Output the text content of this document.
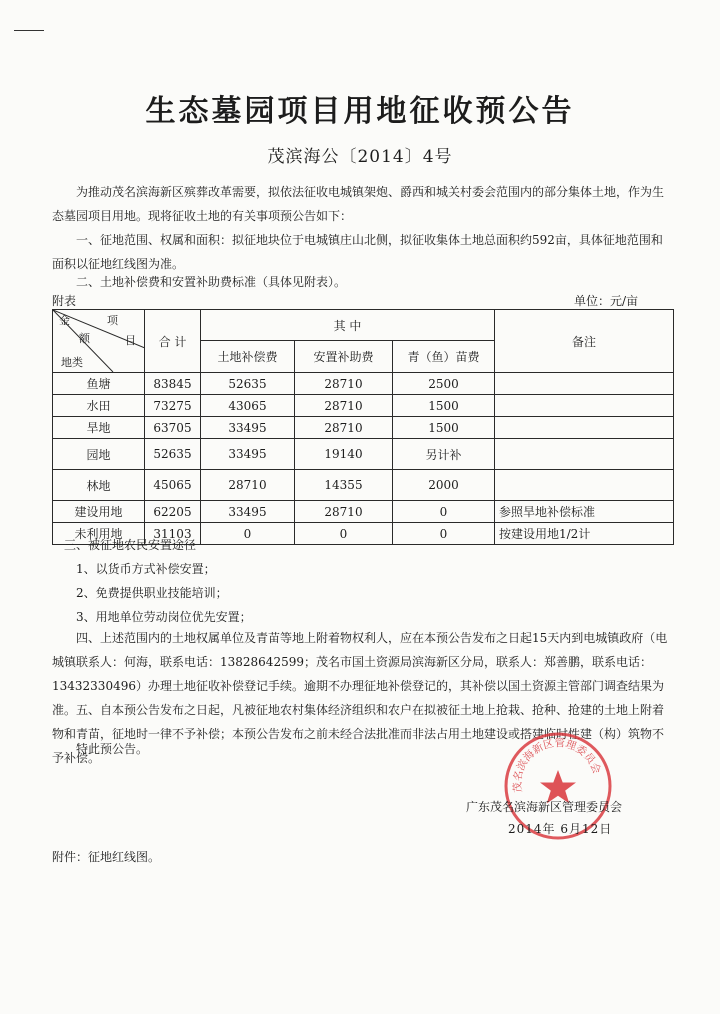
生态墓园项目用地征收预公告
茂滨海公〔2014〕4号

为推动茂名滨海新区殡葬改革需要，拟依法征收电城镇架炮、爵西和城关村委会范围内的部分集体土地，作为生态墓园项目用地。现将征收土地的有关事项预公告如下：

一、征地范围、权属和面积：拟征地块位于电城镇庄山北侧，拟征收集体土地总面积约592亩，具体征地范围和面积以征地红线图为准。

二、土地补偿费和安置补助费标准（具体见附表）。

附表	单位：元/亩
金 项
额 目
地类	合 计	其 中			备注
		土地补偿费	安置补助费	青（鱼）苗费	
鱼塘	83845	52635	28710	2500	
水田	73275	43065	28710	1500	
旱地	63705	33495	28710	1500	
园地	52635	33495	19140	另计补	
林地	45065	28710	14355	2000	
建设用地	62205	33495	28710	0	参照旱地补偿标准
未利用地	31103	0	0	0	按建设用地1/2计
三、被征地农民安置途径
1、以货币方式补偿安置；
2、免费提供职业技能培训；
3、用地单位劳动岗位优先安置；

四、上述范围内的土地权属单位及青苗等地上附着物权利人，应在本预公告发布之日起15天内到电城镇政府（电城镇联系人：何海，联系电话：13828642599；茂名市国土资源局滨海新区分局，联系人：郑善鹏，联系电话：13432330496）办理土地征收补偿登记手续。逾期不办理征地补偿登记的，其补偿以国土资源主管部门调查结果为准。 五、自本预公告发布之日起，凡被征地农村集体经济组织和农户在拟被征土地上抢栽、抢种、抢建的土地上附着物和青苗，征地时一律不予补偿；本预公告发布之前未经合法批准而非法占用土地建设或搭建临时性建（构）筑物不予补偿。

特此预公告。
茂名滨海新区管理委员会
广东茂名滨海新区管理委员会
2014年 6月12日
附件：征地红线图。
